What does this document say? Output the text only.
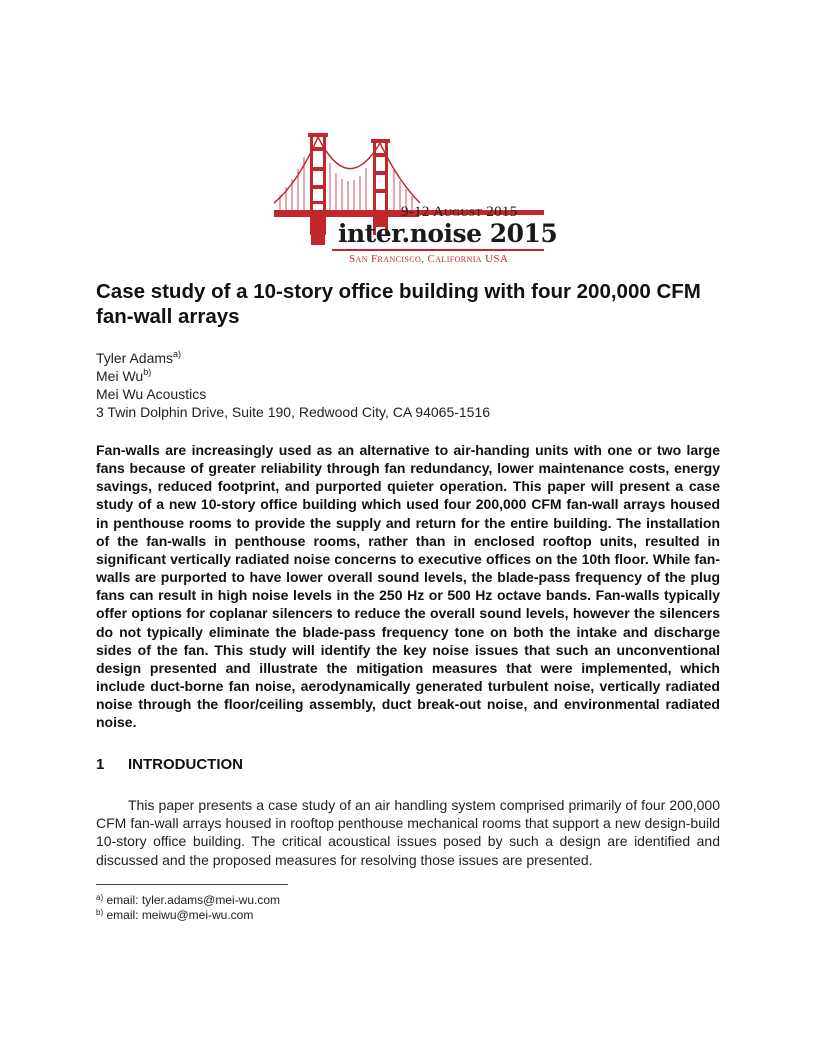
9-12 August 2015
inter.noise 2015
San Francisco, California USA
Case study of a 10-story office building with four 200,000 CFM fan-wall arrays
Tyler Adams$^{a)}$
Mei Wu$^{b)}$
Mei Wu Acoustics
3 Twin Dolphin Drive, Suite 190, Redwood City, CA 94065-1516

Fan-walls are increasingly used as an alternative to air-handing units with one or two large fans because of greater reliability through fan redundancy, lower maintenance costs, energy savings, reduced footprint, and purported quieter operation. This paper will present a case study of a new 10-story office building which used four 200,000 CFM fan-wall arrays housed in penthouse rooms to provide the supply and return for the entire building. The installation of the fan-walls in penthouse rooms, rather than in enclosed rooftop units, resulted in significant vertically radiated noise concerns to executive offices on the 10th floor. While fan-walls are purported to have lower overall sound levels, the blade-pass frequency of the plug fans can result in high noise levels in the 250 Hz or 500 Hz octave bands. Fan-walls typically offer options for coplanar silencers to reduce the overall sound levels, however the silencers do not typically eliminate the blade-pass frequency tone on both the intake and discharge sides of the fan. This study will identify the key noise issues that such an unconventional design presented and illustrate the mitigation measures that were implemented, which include duct-borne fan noise, aerodynamically generated turbulent noise, vertically radiated noise through the floor/ceiling assembly, duct break-out noise, and environmental radiated noise.

1 INTRODUCTION

This paper presents a case study of an air handling system comprised primarily of four 200,000 CFM fan-wall arrays housed in rooftop penthouse mechanical rooms that support a new design-build 10-story office building. The critical acoustical issues posed by such a design are identified and discussed and the proposed measures for resolving those issues are presented.

$^{a)}$ email: tyler.adams@mei-wu.com
$^{b)}$ email: meiwu@mei-wu.com
